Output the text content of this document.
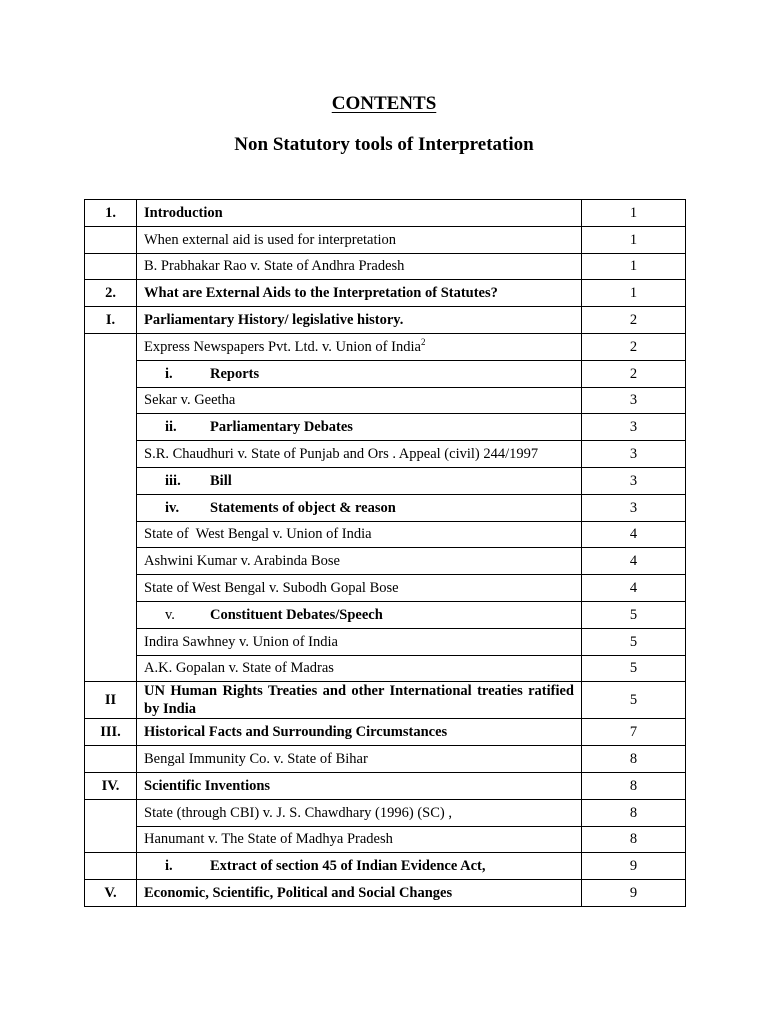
CONTENTS
Non Statutory tools of Interpretation
1.	Introduction	1
	When external aid is used for interpretation	1
	B. Prabhakar Rao v. State of Andhra Pradesh	1
2.	What are External Aids to the Interpretation of Statutes?	1
I.	Parliamentary History/ legislative history.	2
	Express Newspapers Pvt. Ltd. v. Union of India$^2$	2
	i. Reports	2
	Sekar v. Geetha	3
	ii. Parliamentary Debates	3
	S.R. Chaudhuri v. State of Punjab and Ors . Appeal (civil) 244/1997	3
	iii. Bill	3
	iv. Statements of object & reason	3
	State of  West Bengal v. Union of India	4
	Ashwini Kumar v. Arabinda Bose	4
	State of West Bengal v. Subodh Gopal Bose	4
	v. Constituent Debates/Speech	5
	Indira Sawhney v. Union of India	5
	A.K. Gopalan v. State of Madras	5
II	UN Human Rights Treaties and other International treaties ratified by India	5
III.	Historical Facts and Surrounding Circumstances	7
	Bengal Immunity Co. v. State of Bihar	8
IV.	Scientific Inventions	8
	State (through CBI) v. J. S. Chawdhary (1996) (SC) ,	8
	Hanumant v. The State of Madhya Pradesh	8
	i. Extract of section 45 of Indian Evidence Act,	9
V.	Economic, Scientific, Political and Social Changes	9
